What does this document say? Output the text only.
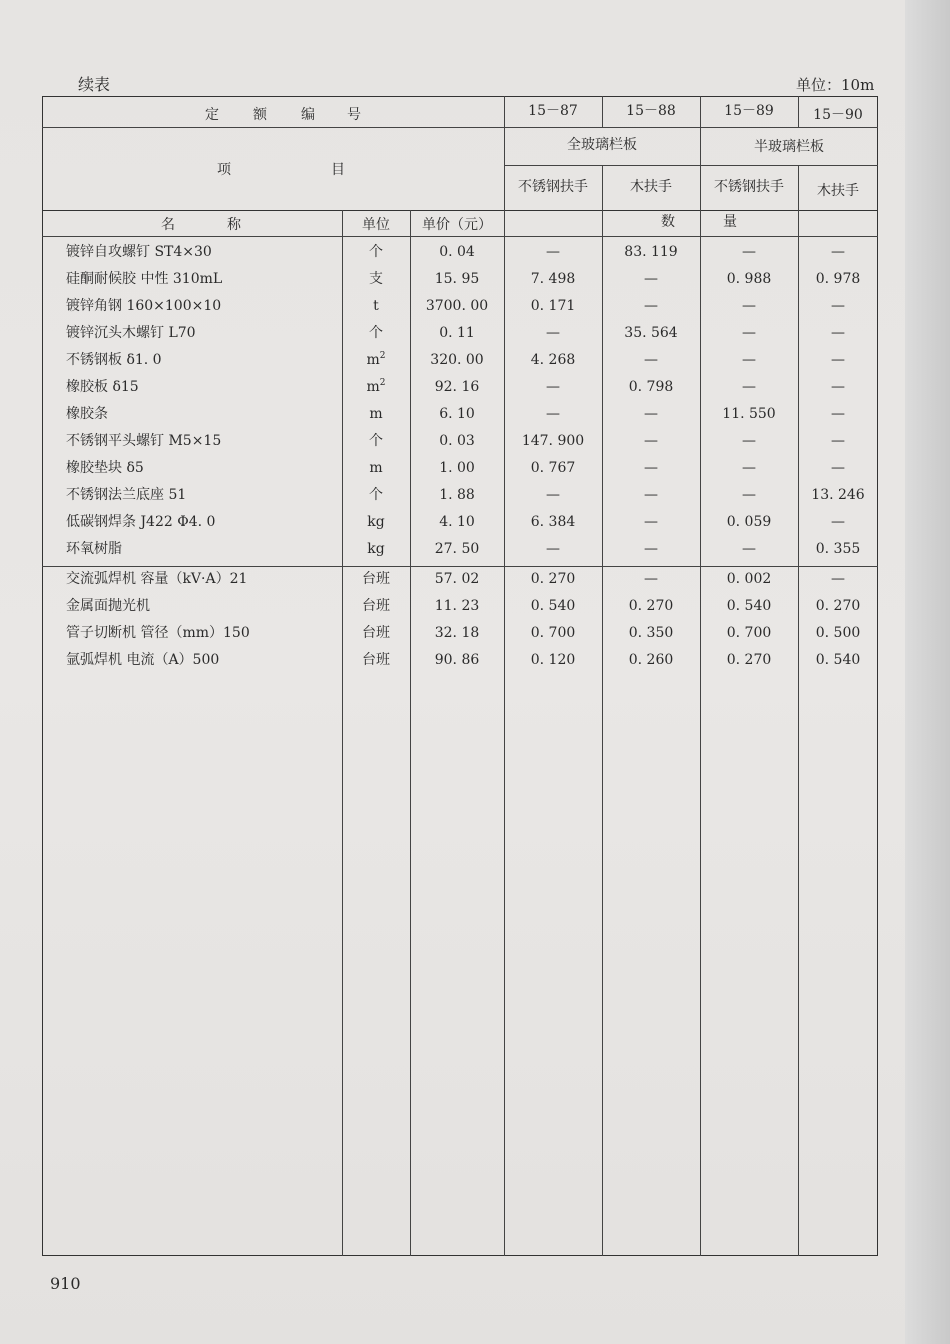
续表	单位：10m
定 额 编 号	15－87	15－88	15－89	15－90
项	目
全玻璃栏板	半玻璃栏板
不锈钢扶手	木扶手	不锈钢扶手	木扶手
名	称	单位	单价（元）	数	量
镀锌自攻螺钉 ST4×30	个	0. 04	—	83. 119	—	—
硅酮耐候胶 中性 310mL	支	15. 95	7. 498	—	0. 988	0. 978
镀锌角钢 160×100×10	t	3700. 00	0. 171	—	—	—
镀锌沉头木螺钉 L70	个	0. 11	—	35. 564	—	—
不锈钢板 δ1. 0	$m^2$	320. 00	4. 268	—	—	—
橡胶板 δ15	$m^2$	92. 16	—	0. 798	—	—
橡胶条	m	6. 10	—	—	11. 550	—
不锈钢平头螺钉 M5×15	个	0. 03	147. 900	—	—	—
橡胶垫块 δ5	m	1. 00	0. 767	—	—	—
不锈钢法兰底座 51	个	1. 88	—	—	—	13. 246
低碳钢焊条 J422 Φ4. 0	kg	4. 10	6. 384	—	0. 059	—
环氧树脂	kg	27. 50	—	—	—	0. 355
交流弧焊机 容量（kV·A）21	台班	57. 02	0. 270	—	0. 002	—
金属面抛光机	台班	11. 23	0. 540	0. 270	0. 540	0. 270
管子切断机 管径（mm）150	台班	32. 18	0. 700	0. 350	0. 700	0. 500
氩弧焊机 电流（A）500	台班	90. 86	0. 120	0. 260	0. 270	0. 540
910
